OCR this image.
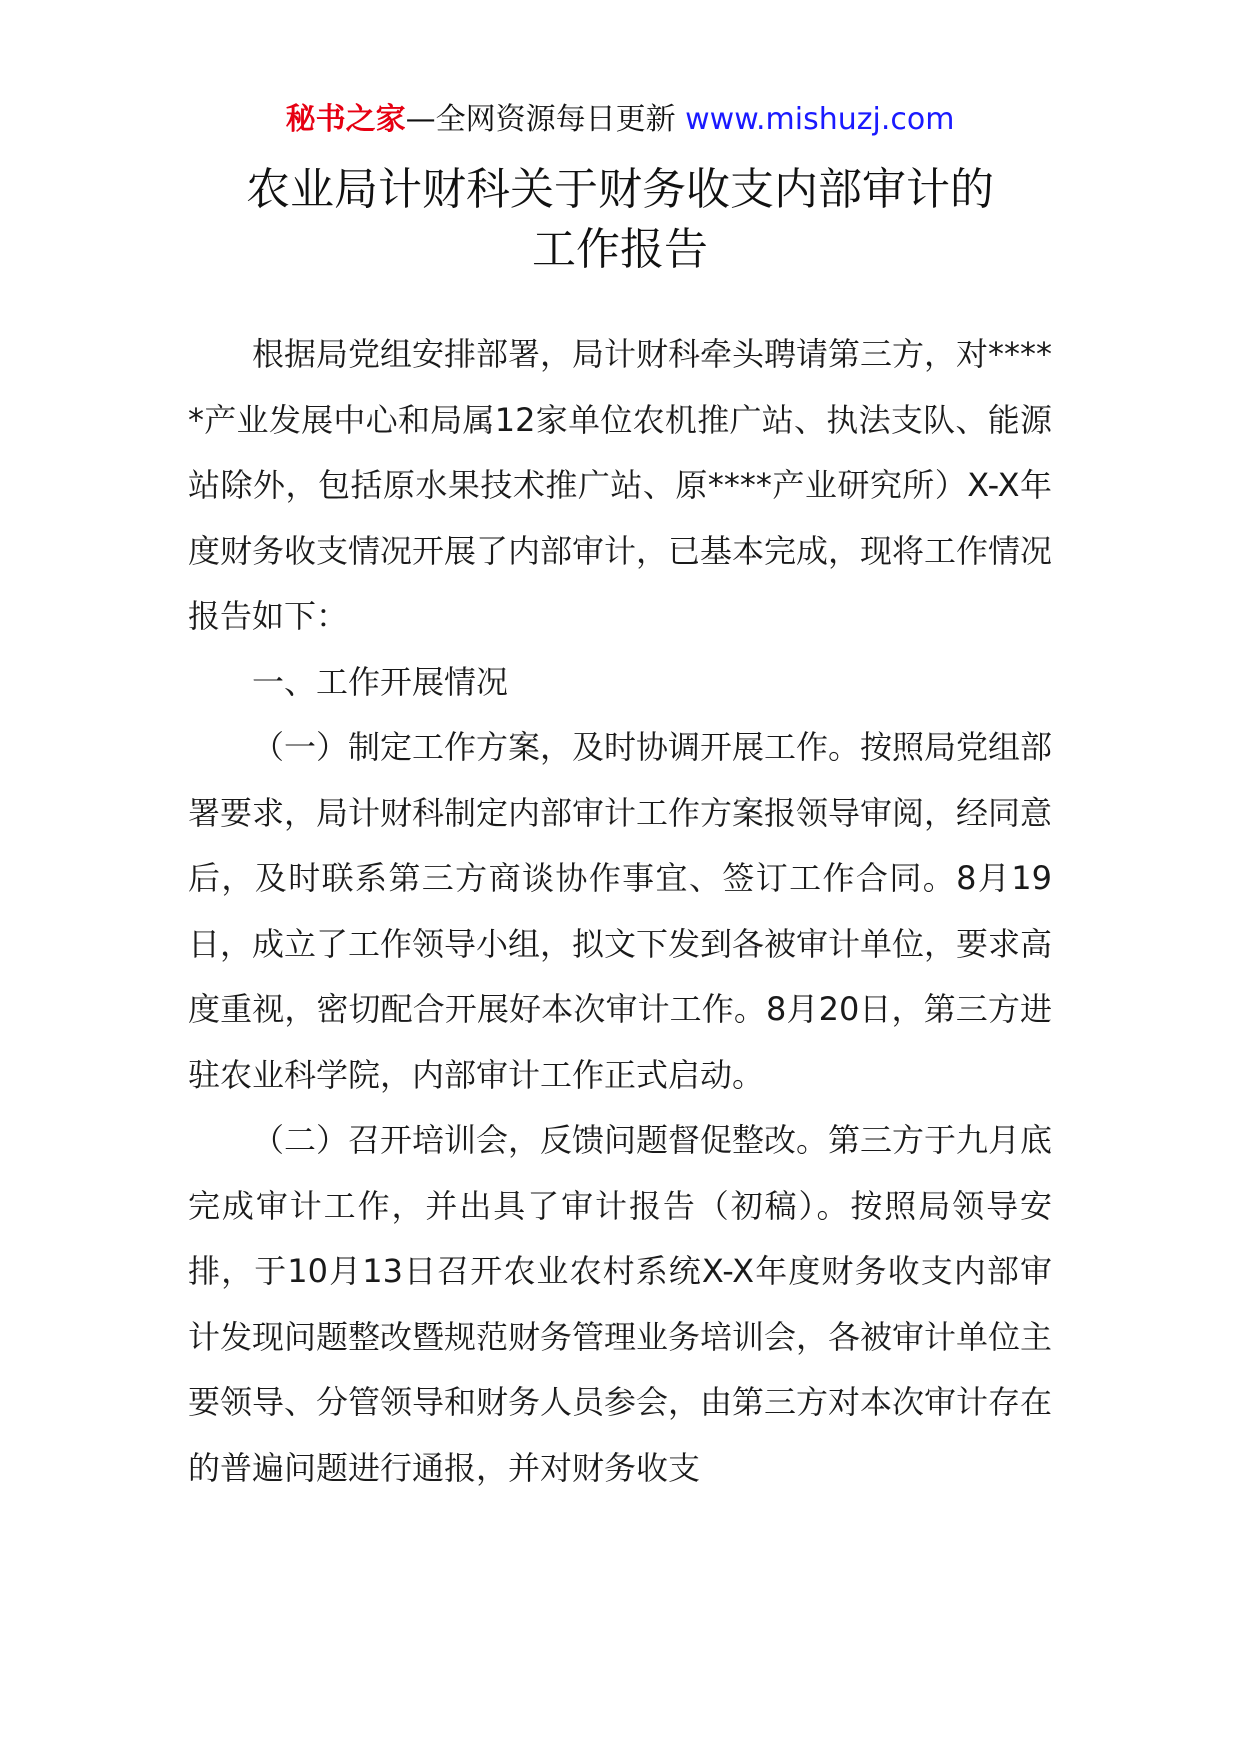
秘书之家—全网资源每日更新 www.mishuzj.com
农业局计财科关于财务收支内部审计的
工作报告

根据局党组安排部署，局计财科牵头聘请第三方，对*****产业发展中心和局属12家单位农机推广站、执法支队、能源站除外，包括原水果技术推广站、原****产业研究所）X-X年度财务收支情况开展了内部审计，已基本完成，现将工作情况报告如下：

一、工作开展情况

（一）制定工作方案，及时协调开展工作。按照局党组部署要求，局计财科制定内部审计工作方案报领导审阅，经同意后，及时联系第三方商谈协作事宜、签订工作合同。8月19日，成立了工作领导小组，拟文下发到各被审计单位，要求高度重视，密切配合开展好本次审计工作。8月20日，第三方进驻农业科学院，内部审计工作正式启动。

（二）召开培训会，反馈问题督促整改。第三方于九月底完成审计工作，并出具了审计报告（初稿）。按照局领导安排，于10月13日召开农业农村系统X-X年度财务收支内部审计发现问题整改暨规范财务管理业务培训会，各被审计单位主要领导、分管领导和财务人员参会，由第三方对本次审计存在的普遍问题进行通报，并对财务收支
